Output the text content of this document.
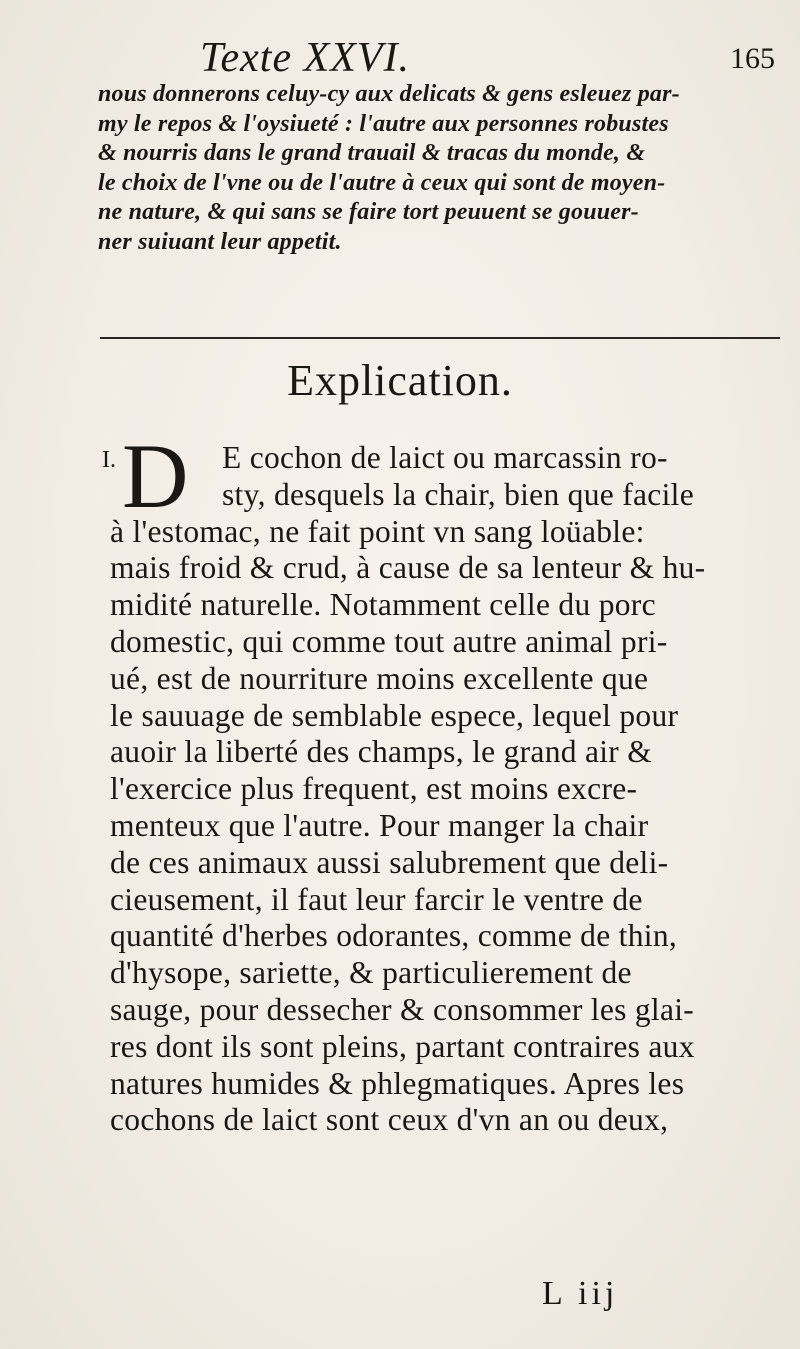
Texte XXVI.	165
nous donnerons celuy-cy aux delicats & gens esleuez par-
my le repos & l'oysiueté : l'autre aux personnes robustes
& nourris dans le grand trauail & tracas du monde, &
le choix de l'vne ou de l'autre à ceux qui sont de moyen-
ne nature, & qui sans se faire tort peuuent se gouuer-
ner suiuant leur appetit.
Explication.
I. D	E cochon de laict ou marcassin ro-
sty, desquels la chair, bien que facile
à l'estomac, ne fait point vn sang loüable:
mais froid & crud, à cause de sa lenteur & hu-
midité naturelle. Notamment celle du porc
domestic, qui comme tout autre animal pri-
ué, est de nourriture moins excellente que
le sauuage de semblable espece, lequel pour
auoir la liberté des champs, le grand air &
l'exercice plus frequent, est moins excre-
menteux que l'autre. Pour manger la chair
de ces animaux aussi salubrement que deli-
cieusement, il faut leur farcir le ventre de
quantité d'herbes odorantes, comme de thin,
d'hysope, sariette, & particulierement de
sauge, pour dessecher & consommer les glai-
res dont ils sont pleins, partant contraires aux
natures humides & phlegmatiques. Apres les
cochons de laict sont ceux d'vn an ou deux,
L iij
